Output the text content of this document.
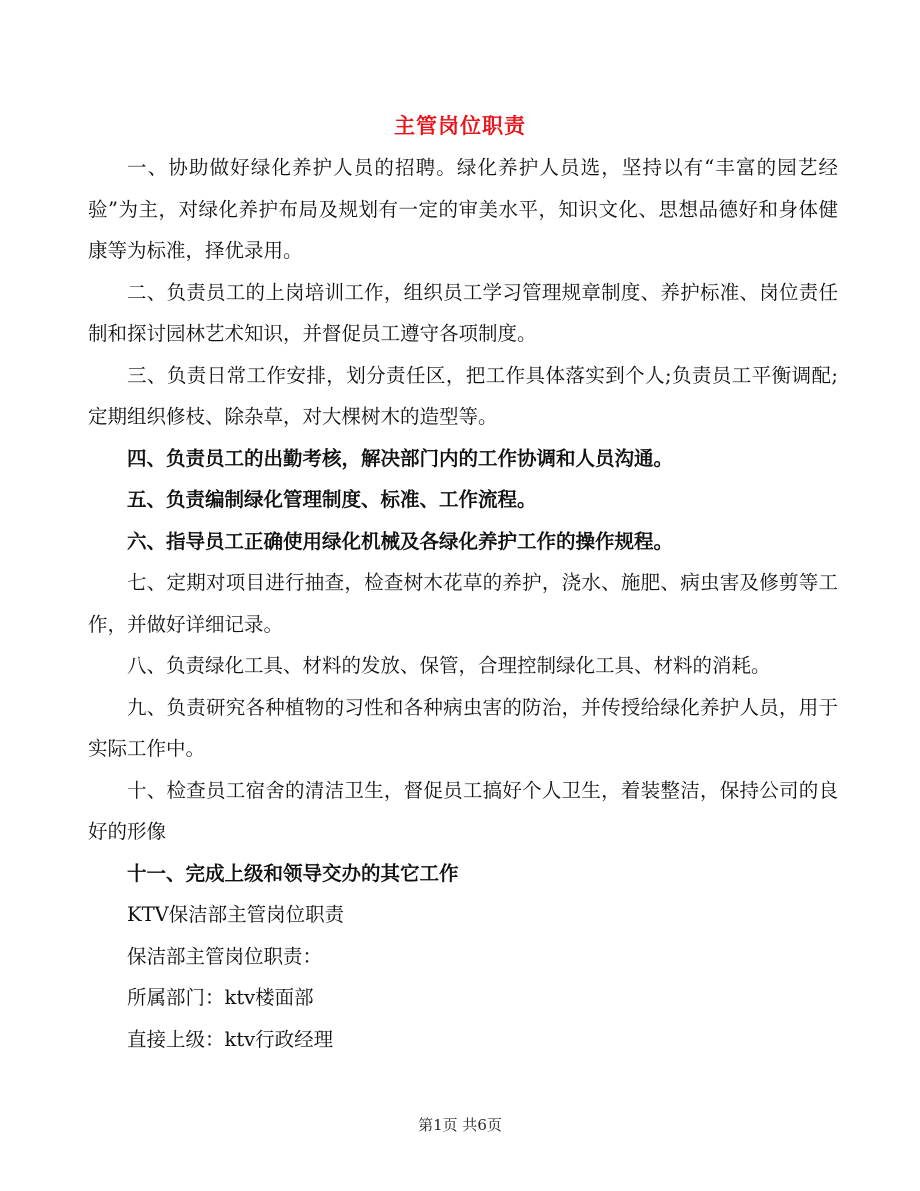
主管岗位职责

一、协助做好绿化养护人员的招聘。绿化养护人员选，坚持以有“丰富的园艺经验”为主，对绿化养护布局及规划有一定的审美水平，知识文化、思想品德好和身体健康等为标准，择优录用。

二、负责员工的上岗培训工作，组织员工学习管理规章制度、养护标准、岗位责任制和探讨园林艺术知识，并督促员工遵守各项制度。

三、负责日常工作安排，划分责任区，把工作具体落实到个人;负责员工平衡调配;定期组织修枝、除杂草，对大棵树木的造型等。

四、负责员工的出勤考核，解决部门内的工作协调和人员沟通。

五、负责编制绿化管理制度、标准、工作流程。

六、指导员工正确使用绿化机械及各绿化养护工作的操作规程。

七、定期对项目进行抽查，检查树木花草的养护，浇水、施肥、病虫害及修剪等工作，并做好详细记录。

八、负责绿化工具、材料的发放、保管，合理控制绿化工具、材料的消耗。

九、负责研究各种植物的习性和各种病虫害的防治，并传授给绿化养护人员，用于实际工作中。

十、检查员工宿舍的清洁卫生，督促员工搞好个人卫生，着装整洁，保持公司的良好的形像

十一、完成上级和领导交办的其它工作

KTV保洁部主管岗位职责

保洁部主管岗位职责：

所属部门：ktv楼面部

直接上级：ktv行政经理

第1页 共6页
